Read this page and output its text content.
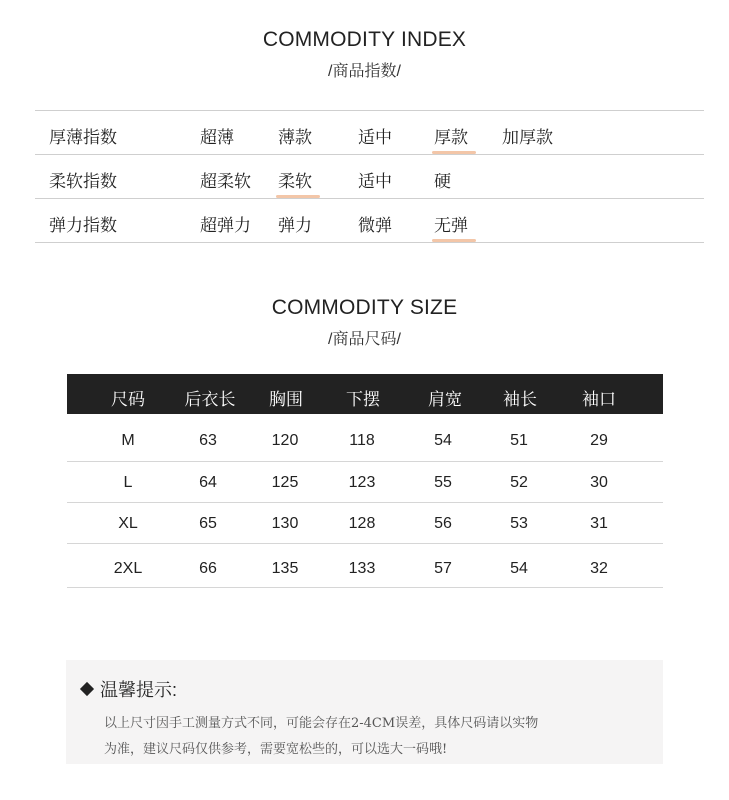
COMMODITY INDEX
/商品指数/
厚薄指数	超薄	薄款	适中 厚款 加厚款
柔软指数	超柔软 柔软	适中 硬
弹力指数	超弹力 弹力	微弹 无弹
COMMODITY SIZE
/商品尺码/
尺码 后衣长 胸围	下摆	肩宽 袖长	袖口
M	63	120	118	54	51	29
L	64	125	123	55	52	30
XL	65	130	128	56	53	31
2XL	66	135	133	57	54	32
温馨提示:
以上尺寸因手工测量方式不同，可能会存在2-4CM误差，具体尺码请以实物
为准，建议尺码仅供参考，需要宽松些的，可以选大一码哦!
